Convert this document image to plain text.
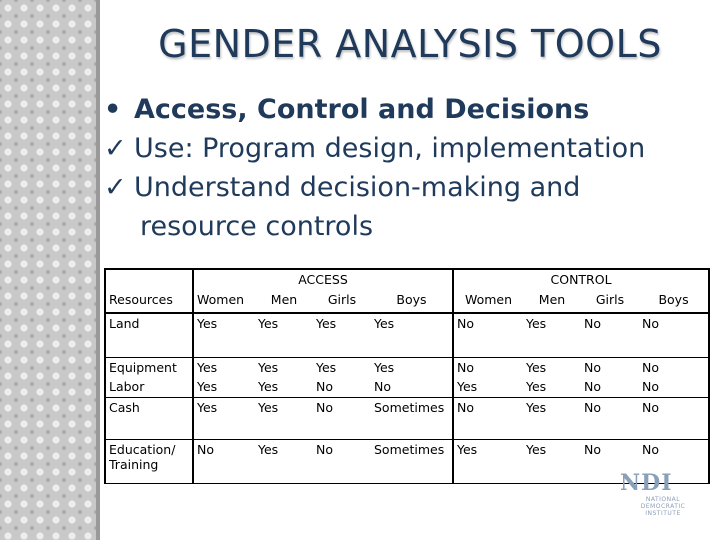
GENDER ANALYSIS TOOLS
• Access, Control and Decisions
✓ Use: Program design, implementation
✓ Understand decision-making and
resource controls
	ACCESS				CONTROL			
Resources	Women	Men	Girls	Boys	Women	Men	Girls	Boys
Land	Yes	Yes	Yes	Yes	No	Yes	No	No
Equipment	Yes	Yes	Yes	Yes	No	Yes	No	No
Labor	Yes	Yes	No	No	Yes	Yes	No	No
Cash	Yes	Yes	No	Sometimes	No	Yes	No	No
Education/
Training	No	Yes	No	Sometimes	Yes	Yes	No	No
NDI
NATIONAL
DEMOCRATIC
INSTITUTE
